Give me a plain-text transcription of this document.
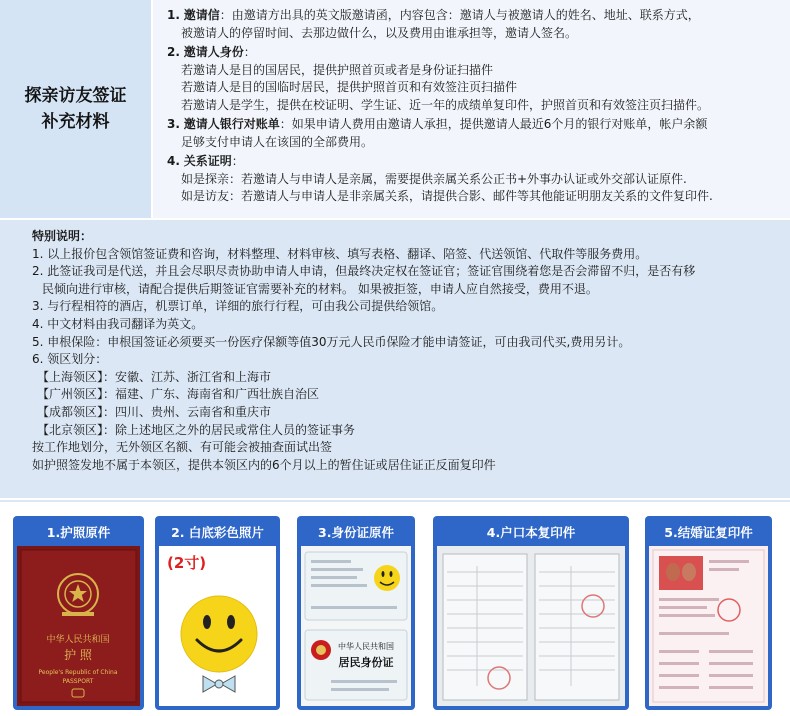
探亲访友签证
补充材料
1. 邀请信：由邀请方出具的英文版邀请函，内容包含：邀请人与被邀请人的姓名、地址、联系方式，
被邀请人的停留时间、去那边做什么，以及费用由谁承担等，邀请人签名。
2. 邀请人身份：
若邀请人是目的国居民，提供护照首页或者是身份证扫描件
若邀请人是目的国临时居民，提供护照首页和有效签注页扫描件
若邀请人是学生，提供在校证明、学生证、近一年的成绩单复印件，护照首页和有效签注页扫描件。
3. 邀请人银行对账单：如果申请人费用由邀请人承担，提供邀请人最近6个月的银行对账单，帐户余额
足够支付申请人在该国的全部费用。
4. 关系证明：
如是探亲：若邀请人与申请人是亲属，需要提供亲属关系公正书+外事办认证或外交部认证原件.
如是访友：若邀请人与申请人是非亲属关系，请提供合影、邮件等其他能证明朋友关系的文件复印件.
特别说明：
1. 以上报价包含领馆签证费和咨询，材料整理、材料审核、填写表格、翻译、陪签、代送领馆、代取件等服务费用。
2. 此签证我司是代送，并且会尽职尽责协助申请人申请，但最终决定权在签证官；签证官围绕着您是否会滞留不归，是否有移
民倾向进行审核，请配合提供后期签证官需要补充的材料。 如果被拒签，申请人应自然接受，费用不退。
3. 与行程相符的酒店，机票订单，详细的旅行行程，可由我公司提供给领馆。
4. 中文材料由我司翻译为英文。
5. 申根保险：申根国签证必须要买一份医疗保额等值30万元人民币保险才能申请签证，可由我司代买,费用另计。
6. 领区划分：
【上海领区】：安徽、江苏、浙江省和上海市
【广州领区】：福建、广东、海南省和广西壮族自治区
【成都领区】：四川、贵州、云南省和重庆市
【北京领区】：除上述地区之外的居民或常住人员的签证事务
按工作地划分，无外领区名额、有可能会被抽查面试出签
如护照签发地不属于本领区，提供本领区内的6个月以上的暂住证或居住证正反面复印件
1.护照原件
中华人民共和国
护 照
People's Republic of China
PASSPORT
2. 白底彩色照片
(2寸)
3.身份证原件
中华人民共和国
居民身份证
4.户口本复印件	5.结婚证复印件
